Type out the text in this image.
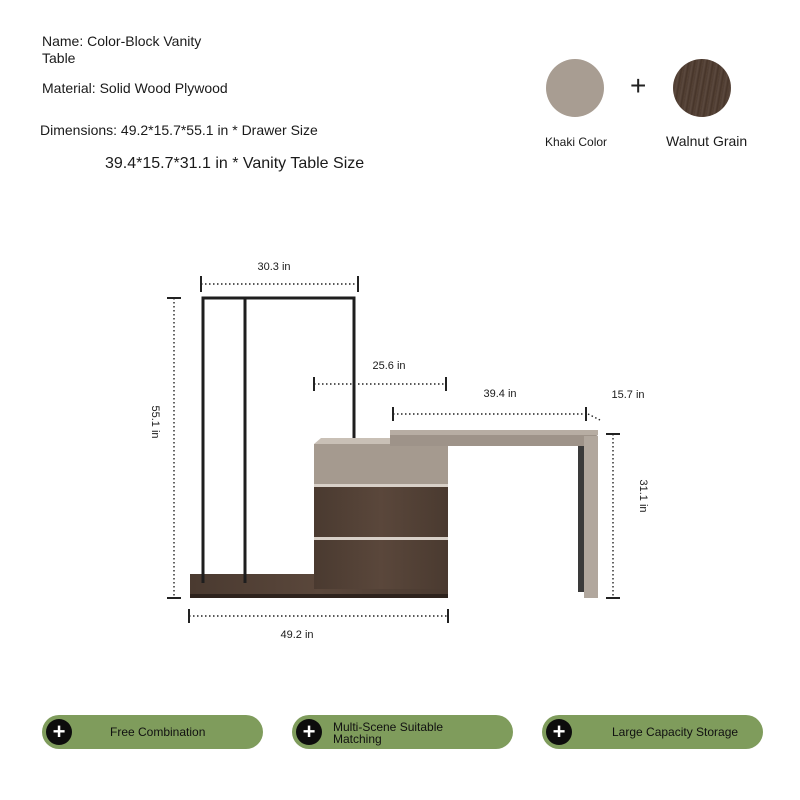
Name: Color-Block Vanity
Table
Material: Solid Wood Plywood
Dimensions: 49.2*15.7*55.1 in * Drawer Size
39.4*15.7*31.1 in * Vanity Table Size
+
Khaki Color	Walnut Grain
30.3 in
25.6 in
39.4 in	15.7 in
49.2 in
55.1 in
31.1 in
+	Free Combination	+	Multi-Scene Suitable
Matching	+	Large Capacity Storage
